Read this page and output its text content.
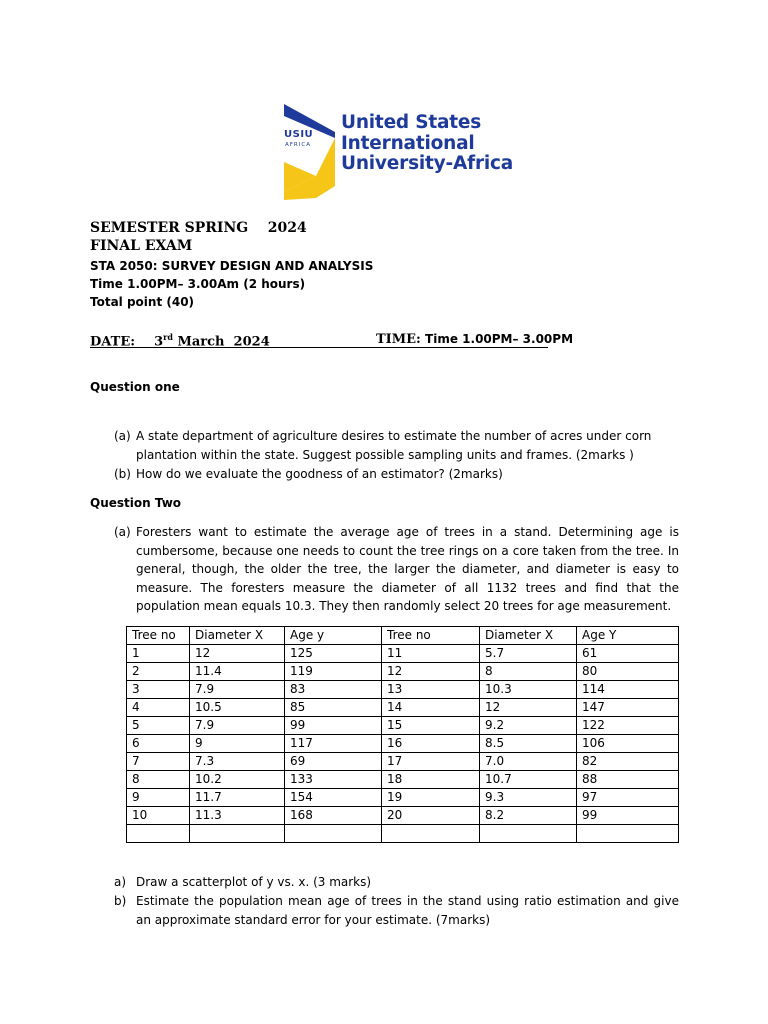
USIU
AFRICA
United States
International
University-Africa
SEMESTER SPRING    2024
FINAL EXAM
STA 2050: SURVEY DESIGN AND ANALYSIS
Time 1.00PM– 3.00Am (2 hours)
Total point (40)
DATE: 3rd March  2024	TIME: Time 1.00PM– 3.00PM
Question one
(a) A state department of agriculture desires to estimate the number of acres under corn plantation within the state. Suggest possible sampling units and frames. (2marks )
(b) How do we evaluate the goodness of an estimator? (2marks)
Question Two
(a) Foresters want to estimate the average age of trees in a stand. Determining age is cumbersome, because one needs to count the tree rings on a core taken from the tree. In general, though, the older the tree, the larger the diameter, and diameter is easy to measure. The foresters measure the diameter of all 1132 trees and find that the population mean equals 10.3. They then randomly select 20 trees for age measurement.
Tree no	Diameter X	Age y	Tree no	Diameter X	Age Y
1	12	125	11	5.7	61
2	11.4	119	12	8	80
3	7.9	83	13	10.3	114
4	10.5	85	14	12	147
5	7.9	99	15	9.2	122
6	9	117	16	8.5	106
7	7.3	69	17	7.0	82
8	10.2	133	18	10.7	88
9	11.7	154	19	9.3	97
10	11.3	168	20	8.2	99

a) Draw a scatterplot of y vs. x. (3 marks)
b) Estimate the population mean age of trees in the stand using ratio estimation and give an approximate standard error for your estimate. (7marks)
